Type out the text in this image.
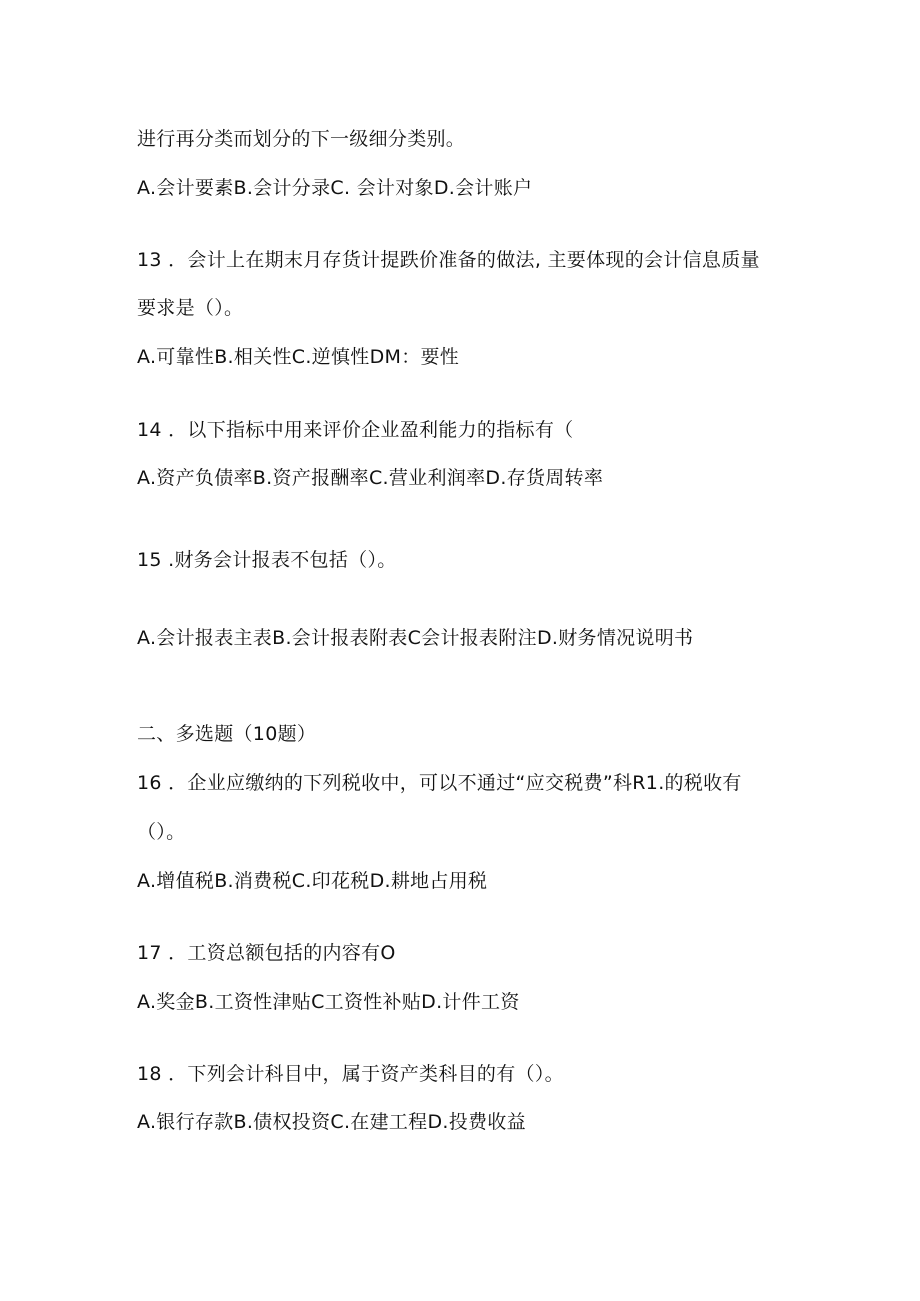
进行再分类而划分的下一级细分类别。
A.会计要素B.会计分录C. 会计对象D.会计账户
13 ．会计上在期末月存货计提跌价准备的做法, 主要体现的会计信息质量
要求是（）。
A.可靠性B.相关性C.逆慎性DM：要性
14 ．以下指标中用来评价企业盈利能力的指标有（
A.资产负债率B.资产报酬率C.营业利润率D.存货周转率
15 .财务会计报表不包括（）。
A.会计报表主表B.会计报表附表C会计报表附注D.财务情况说明书
二、多选题（10题）
16 ．企业应缴纳的下列税收中，可以不通过“应交税费”科R1.的税收有
（）。
A.增值税B.消费税C.印花税D.耕地占用税
17 ．工资总额包括的内容有O
A.奖金B.工资性津贴C工资性补贴D.计件工资
18 ．下列会计科目中，属于资产类科目的有（）。
A.银行存款B.债权投资C.在建工程D.投费收益
